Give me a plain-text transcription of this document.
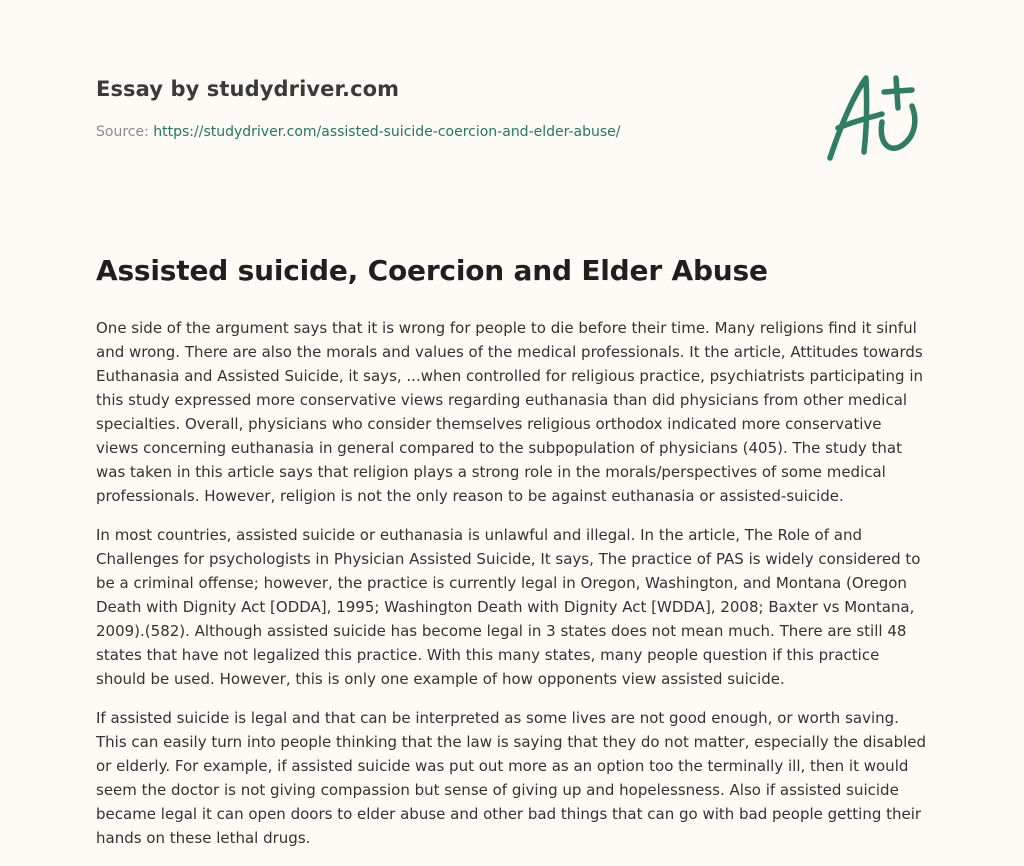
Essay by studydriver.com
Source: https://studydriver.com/assisted-suicide-coercion-and-elder-abuse/
Assisted suicide, Coercion and Elder Abuse

One side of the argument says that it is wrong for people to die before their time. Many religions find it sinful and wrong. There are also the morals and values of the medical professionals. It the article, Attitudes towards Euthanasia and Assisted Suicide, it says, ...when controlled for religious practice, psychiatrists participating in this study expressed more conservative views regarding euthanasia than did physicians from other medical specialties. Overall, physicians who consider themselves religious orthodox indicated more conservative views concerning euthanasia in general compared to the subpopulation of physicians (405). The study that was taken in this article says that religion plays a strong role in the morals/perspectives of some medical professionals. However, religion is not the only reason to be against euthanasia or assisted-suicide.

In most countries, assisted suicide or euthanasia is unlawful and illegal. In the article, The Role of and Challenges for psychologists in Physician Assisted Suicide, It says, The practice of PAS is widely considered to be a criminal offense; however, the practice is currently legal in Oregon, Washington, and Montana (Oregon Death with Dignity Act [ODDA], 1995; Washington Death with Dignity Act [WDDA], 2008; Baxter vs Montana, 2009).(582). Although assisted suicide has become legal in 3 states does not mean much. There are still 48 states that have not legalized this practice. With this many states, many people question if this practice should be used. However, this is only one example of how opponents view assisted suicide.

If assisted suicide is legal and that can be interpreted as some lives are not good enough, or worth saving. This can easily turn into people thinking that the law is saying that they do not matter, especially the disabled or elderly. For example, if assisted suicide was put out more as an option too the terminally ill, then it would seem the doctor is not giving compassion but sense of giving up and hopelessness. Also if assisted suicide became legal it can open doors to elder abuse and other bad things that can go with bad people getting their hands on these lethal drugs.
